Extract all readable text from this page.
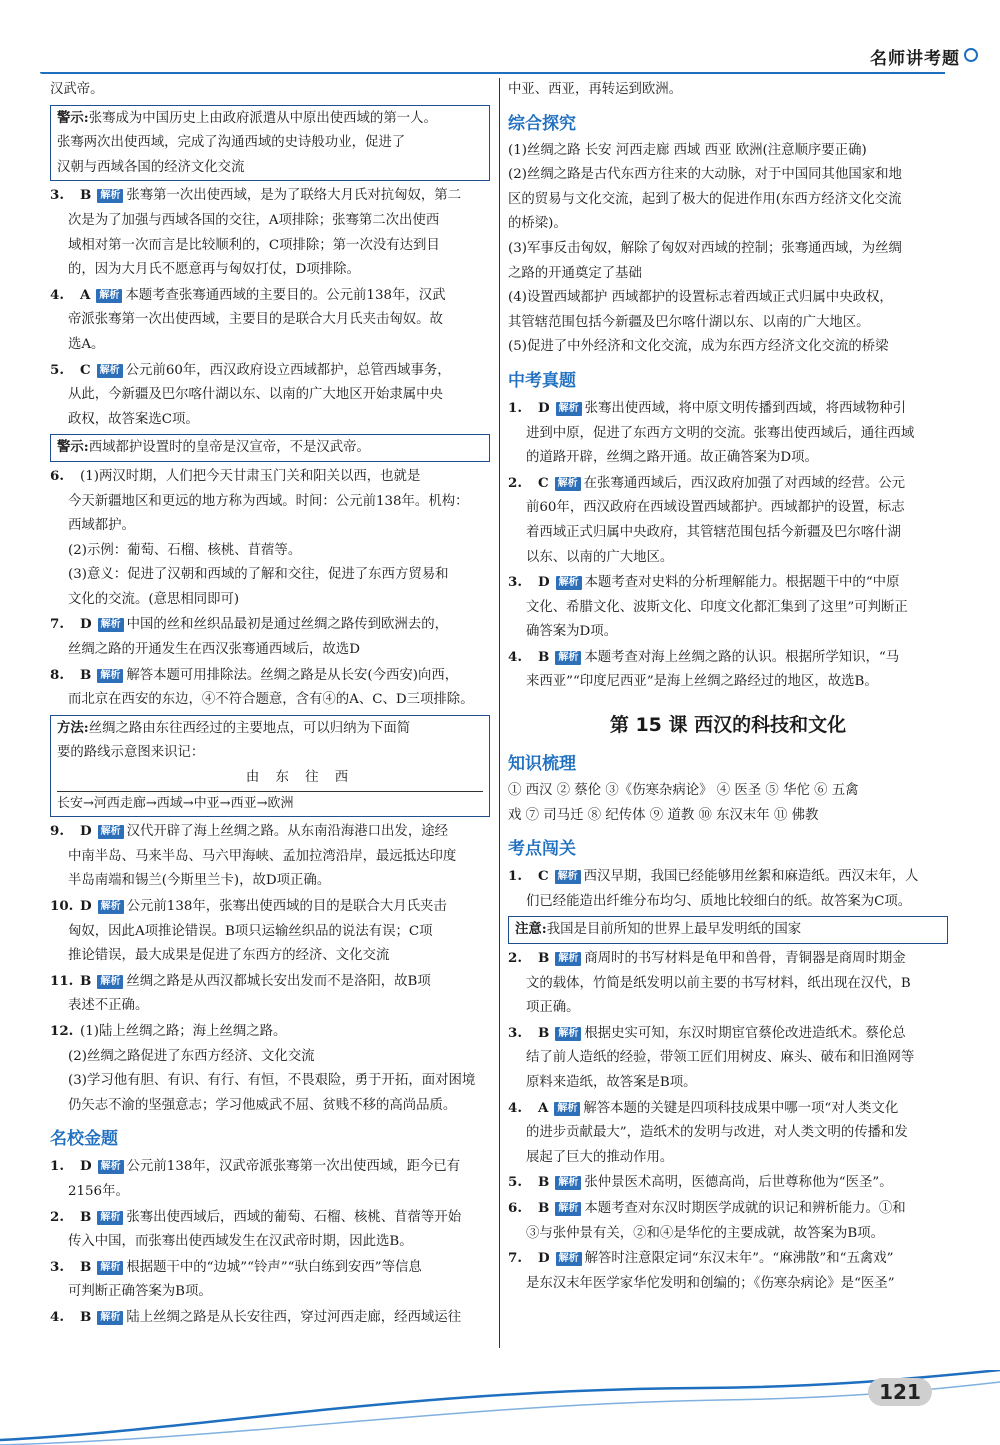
名师讲考题
汉武帝。
警示:张骞成为中国历史上由政府派遣从中原出使西域的第一人。
张骞两次出使西域，完成了沟通西域的史诗般功业，促进了
汉朝与西域各国的经济文化交流
3. B 解析 张骞第一次出使西域，是为了联络大月氏对抗匈奴，第二
次是为了加强与西域各国的交往，A项排除；张骞第二次出使西
域相对第一次而言是比较顺利的，C项排除；第一次没有达到目
的，因为大月氏不愿意再与匈奴打仗，D项排除。
4. A 解析 本题考查张骞通西域的主要目的。公元前138年，汉武
帝派张骞第一次出使西域，主要目的是联合大月氏夹击匈奴。故
选A。
5. C 解析 公元前60年，西汉政府设立西域都护，总管西域事务，
从此，今新疆及巴尔喀什湖以东、以南的广大地区开始隶属中央
政权，故答案选C项。
警示:西域都护设置时的皇帝是汉宣帝，不是汉武帝。
6. (1)两汉时期，人们把今天甘肃玉门关和阳关以西，也就是
今天新疆地区和更远的地方称为西域。时间：公元前138年。机构：
西域都护。
(2)示例：葡萄、石榴、核桃、苜蓿等。
(3)意义：促进了汉朝和西域的了解和交往，促进了东西方贸易和
文化的交流。(意思相同即可)
7. D 解析 中国的丝和丝织品最初是通过丝绸之路传到欧洲去的，
丝绸之路的开通发生在西汉张骞通西域后，故选D
8. B 解析 解答本题可用排除法。丝绸之路是从长安(今西安)向西，
而北京在西安的东边，④不符合题意，含有④的A、C、D三项排除。
方法:丝绸之路由东往西经过的主要地点，可以归纳为下面简
要的路线示意图来识记：
由 东 往 西
长安→河西走廊→西域→中亚→西亚→欧洲
9. D 解析 汉代开辟了海上丝绸之路。从东南沿海港口出发，途经
中南半岛、马来半岛、马六甲海峡、孟加拉湾沿岸，最远抵达印度
半岛南端和锡兰(今斯里兰卡)，故D项正确。
10. D 解析 公元前138年，张骞出使西域的目的是联合大月氏夹击
匈奴，因此A项推论错误。B项只运输丝织品的说法有误；C项
推论错误，最大成果是促进了东西方的经济、文化交流
11. B 解析 丝绸之路是从西汉都城长安出发而不是洛阳，故B项
表述不正确。
12. (1)陆上丝绸之路；海上丝绸之路。
(2)丝绸之路促进了东西方经济、文化交流
(3)学习他有胆、有识、有行、有恒，不畏艰险，勇于开拓，面对困境
仍矢志不渝的坚强意志；学习他威武不屈、贫贱不移的高尚品质。
名校金题
1. D 解析 公元前138年，汉武帝派张骞第一次出使西域，距今已有
2156年。
2. B 解析 张骞出使西域后，西域的葡萄、石榴、核桃、苜蓿等开始
传入中国，而张骞出使西域发生在汉武帝时期，因此选B。
3. B 解析 根据题干中的“边城”“铃声”“驮白练到安西”等信息
可判断正确答案为B项。
4. B 解析 陆上丝绸之路是从长安往西，穿过河西走廊，经西域运往
中亚、西亚，再转运到欧洲。
综合探究
(1)丝绸之路 长安 河西走廊 西域 西亚 欧洲(注意顺序要正确)
(2)丝绸之路是古代东西方往来的大动脉，对于中国同其他国家和地
区的贸易与文化交流，起到了极大的促进作用(东西方经济文化交流
的桥梁)。
(3)军事反击匈奴，解除了匈奴对西域的控制；张骞通西域，为丝绸
之路的开通奠定了基础
(4)设置西域都护 西域都护的设置标志着西域正式归属中央政权，
其管辖范围包括今新疆及巴尔喀什湖以东、以南的广大地区。
(5)促进了中外经济和文化交流，成为东西方经济文化交流的桥梁
中考真题
1. D 解析 张骞出使西域，将中原文明传播到西域，将西域物种引
进到中原，促进了东西方文明的交流。张骞出使西域后，通往西域
的道路开辟，丝绸之路开通。故正确答案为D项。
2. C 解析 在张骞通西域后，西汉政府加强了对西域的经营。公元
前60年，西汉政府在西域设置西域都护。西域都护的设置，标志
着西域正式归属中央政府，其管辖范围包括今新疆及巴尔喀什湖
以东、以南的广大地区。
3. D 解析 本题考查对史料的分析理解能力。根据题干中的“中原
文化、希腊文化、波斯文化、印度文化都汇集到了这里”可判断正
确答案为D项。
4. B 解析 本题考查对海上丝绸之路的认识。根据所学知识，“马
来西亚”“印度尼西亚”是海上丝绸之路经过的地区，故选B。
第 15 课 西汉的科技和文化
知识梳理
① 西汉 ② 蔡伦 ③《伤寒杂病论》 ④ 医圣 ⑤ 华佗 ⑥ 五禽
戏 ⑦ 司马迁 ⑧ 纪传体 ⑨ 道教 ⑩ 东汉末年 ⑪ 佛教
考点闯关
1. C 解析 西汉早期，我国已经能够用丝絮和麻造纸。西汉末年，人
们已经能造出纤维分布均匀、质地比较细白的纸。故答案为C项。
注意:我国是目前所知的世界上最早发明纸的国家
2. B 解析 商周时的书写材料是龟甲和兽骨，青铜器是商周时期金
文的载体，竹简是纸发明以前主要的书写材料，纸出现在汉代，B
项正确。
3. B 解析 根据史实可知，东汉时期宦官蔡伦改进造纸术。蔡伦总
结了前人造纸的经验，带领工匠们用树皮、麻头、破布和旧渔网等
原料来造纸，故答案是B项。
4. A 解析 解答本题的关键是四项科技成果中哪一项“对人类文化
的进步贡献最大”，造纸术的发明与改进，对人类文明的传播和发
展起了巨大的推动作用。
5. B 解析 张仲景医术高明，医德高尚，后世尊称他为“医圣”。
6. B 解析 本题考查对东汉时期医学成就的识记和辨析能力。①和
③与张仲景有关，②和④是华佗的主要成就，故答案为B项。
7. D 解析 解答时注意限定词“东汉末年”。“麻沸散”和“五禽戏”
是东汉末年医学家华佗发明和创编的；《伤寒杂病论》是“医圣”
121
